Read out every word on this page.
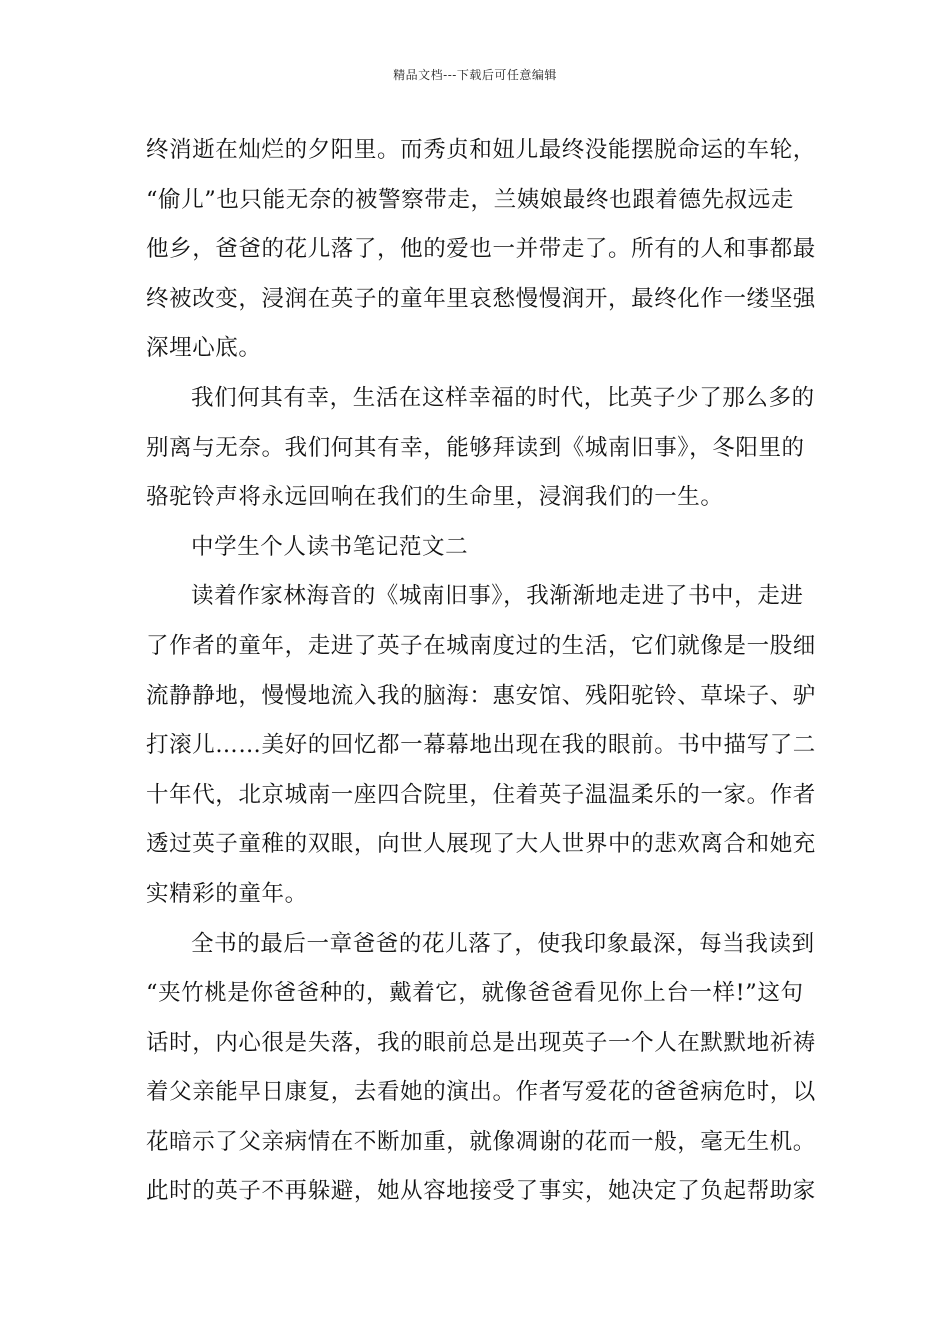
精品文档---下载后可任意编辑
终消逝在灿烂的夕阳里。而秀贞和妞儿最终没能摆脱命运的车轮，
“偷儿”也只能无奈的被警察带走，兰姨娘最终也跟着德先叔远走
他乡，爸爸的花儿落了，他的爱也一并带走了。所有的人和事都最
终被改变，浸润在英子的童年里哀愁慢慢润开，最终化作一缕坚强
深埋心底。
我们何其有幸，生活在这样幸福的时代，比英子少了那么多的
别离与无奈。我们何其有幸，能够拜读到《城南旧事》，冬阳里的
骆驼铃声将永远回响在我们的生命里，浸润我们的一生。
中学生个人读书笔记范文二
读着作家林海音的《城南旧事》，我渐渐地走进了书中，走进
了作者的童年，走进了英子在城南度过的生活，它们就像是一股细
流静静地，慢慢地流入我的脑海：惠安馆、残阳驼铃、草垛子、驴
打滚儿……美好的回忆都一幕幕地出现在我的眼前。书中描写了二
十年代，北京城南一座四合院里，住着英子温温柔乐的一家。作者
透过英子童稚的双眼，向世人展现了大人世界中的悲欢离合和她充
实精彩的童年。
全书的最后一章爸爸的花儿落了，使我印象最深，每当我读到
“夹竹桃是你爸爸种的，戴着它，就像爸爸看见你上台一样!”这句
话时，内心很是失落，我的眼前总是出现英子一个人在默默地祈祷
着父亲能早日康复，去看她的演出。作者写爱花的爸爸病危时，以
花暗示了父亲病情在不断加重，就像凋谢的花而一般，毫无生机。
此时的英子不再躲避，她从容地接受了事实，她决定了负起帮助家
